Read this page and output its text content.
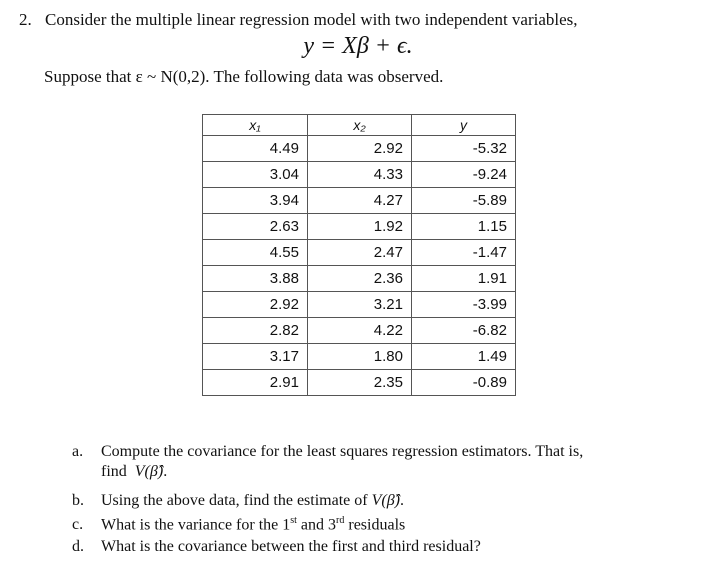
2. Consider the multiple linear regression model with two independent variables,
y = Xβ + ϵ.
Suppose that ε ~ N(0,2). The following data was observed.
x₁	x₂	y
4.49	2.92	-5.32
3.04	4.33	-9.24
3.94	4.27	-5.89
2.63	1.92	1.15
4.55	2.47	-1.47
3.88	2.36	1.91
2.92	3.21	-3.99
2.82	4.22	-6.82
3.17	1.80	1.49
2.91	2.35	-0.89
a. Compute the covariance for the least squares regression estimators. That is,
find V(β̂).
b. Using the above data, find the estimate of V(β̂).
c. What is the variance for the 1st and 3rd residuals
d. What is the covariance between the first and third residual?
